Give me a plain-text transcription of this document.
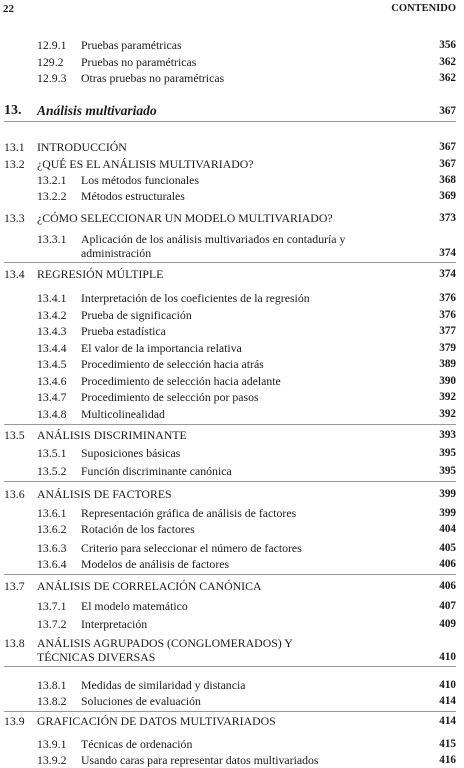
22	CONTENIDO
12.9.1 Pruebas paramétricas	356
129.2 Pruebas no paramétricas	362
12.9.3 Otras pruebas no paramétricas	362
13. Análisis multivariado	367
13.1 INTRODUCCIÓN	367
13.2 ¿QUÉ ES EL ANÁLISIS MULTIVARIADO?	367
13.2.1 Los métodos funcionales	368
13.2.2 Métodos estructurales	369
13.3 ¿CÓMO SELECCIONAR UN MODELO MULTIVARIADO?	373
13.3.1 Aplicación de los análisis multivariados en contaduría y
administración	374
13.4 REGRESIÓN MÚLTIPLE	374
13.4.1 Interpretación de los coeficientes de la regresión	376
13.4.2 Prueba de significación	376
13.4.3 Prueba estadística	377
13.4.4 El valor de la importancia relativa	379
13.4.5 Procedimiento de selección hacia atrás	389
13.4.6 Procedimiento de selección hacia adelante	390
13.4.7 Procedimiento de selección por pasos	392
13.4.8 Multicolinealidad	392
13.5 ANÁLISIS DISCRIMINANTE	393
13.5.1 Suposiciones básicas	395
13.5.2 Función discriminante canónica	395
13.6 ANÁLISIS DE FACTORES	399
13.6.1 Representación gráfica de análisis de factores	399
13.6.2 Rotación de los factores	404
13.6.3 Criterio para seleccionar el número de factores	405
13.6.4 Modelos de análisis de factores	406
13.7 ANÁLISIS DE CORRELACIÓN CANÓNICA	406
13.7.1 El modelo matemático	407
13.7.2 Interpretación	409
13.8 ANÁLISIS AGRUPADOS (CONGLOMERADOS) Y
TÉCNICAS DIVERSAS	410
13.8.1 Medidas de similaridad y distancia	410
13.8.2 Soluciones de evaluación	414
13.9 GRAFICACIÓN DE DATOS MULTIVARIADOS	414
13.9.1 Técnicas de ordenación	415
13.9.2 Usando caras para representar datos multivariados	416
